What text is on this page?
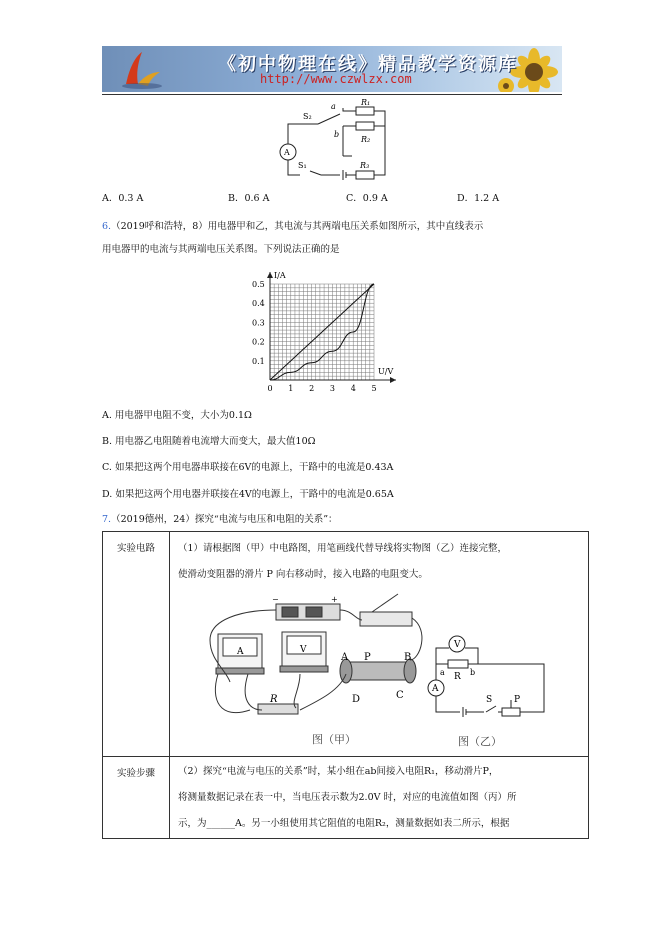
《初中物理在线》精品教学资源库
http://www.czwlzx.com
A
S₂
a
b
R₁
R₂
S₁	R₃
A．0.3 A	B．0.6 A	C．0.9 A	D．1.2 A
6.（2019呼和浩特，8）用电器甲和乙，其电流与其两端电压关系如图所示，其中直线表示
用电器甲的电流与其两端电压关系图。下列说法正确的是
0 1 2 3 4 5
0.1
0.2
0.3
0.4
0.5
U/V
I/A
A. 用电器甲电阻不变，大小为0.1Ω
B. 用电器乙电阻随着电流增大而变大，最大值10Ω
C. 如果把这两个用电器串联接在6V的电源上，干路中的电流是0.43A
D. 如果把这两个用电器并联接在4V的电源上，干路中的电流是0.65A
7.（2019德州，24）探究“电流与电压和电阻的关系”：
实验电路	（1）请根据图（甲）中电路图，用笔画线代替导线将实物图（乙）连接完整，
使滑动变阻器的滑片 P 向右移动时，接入电路的电阻变大。

实验步骤	（2）探究“电流与电压的关系”时，某小组在ab间接入电阻R₁，移动滑片P，
将测量数据记录在表一中，当电压表示数为2.0V 时，对应的电流值如图（丙）所
示，为______A。另一小组使用其它阻值的电阻R₂，测量数据如表二所示，根据
−	+
A	V
A P	B
C
D
R
V
a R b
A
S P
图（甲）	图（乙）
